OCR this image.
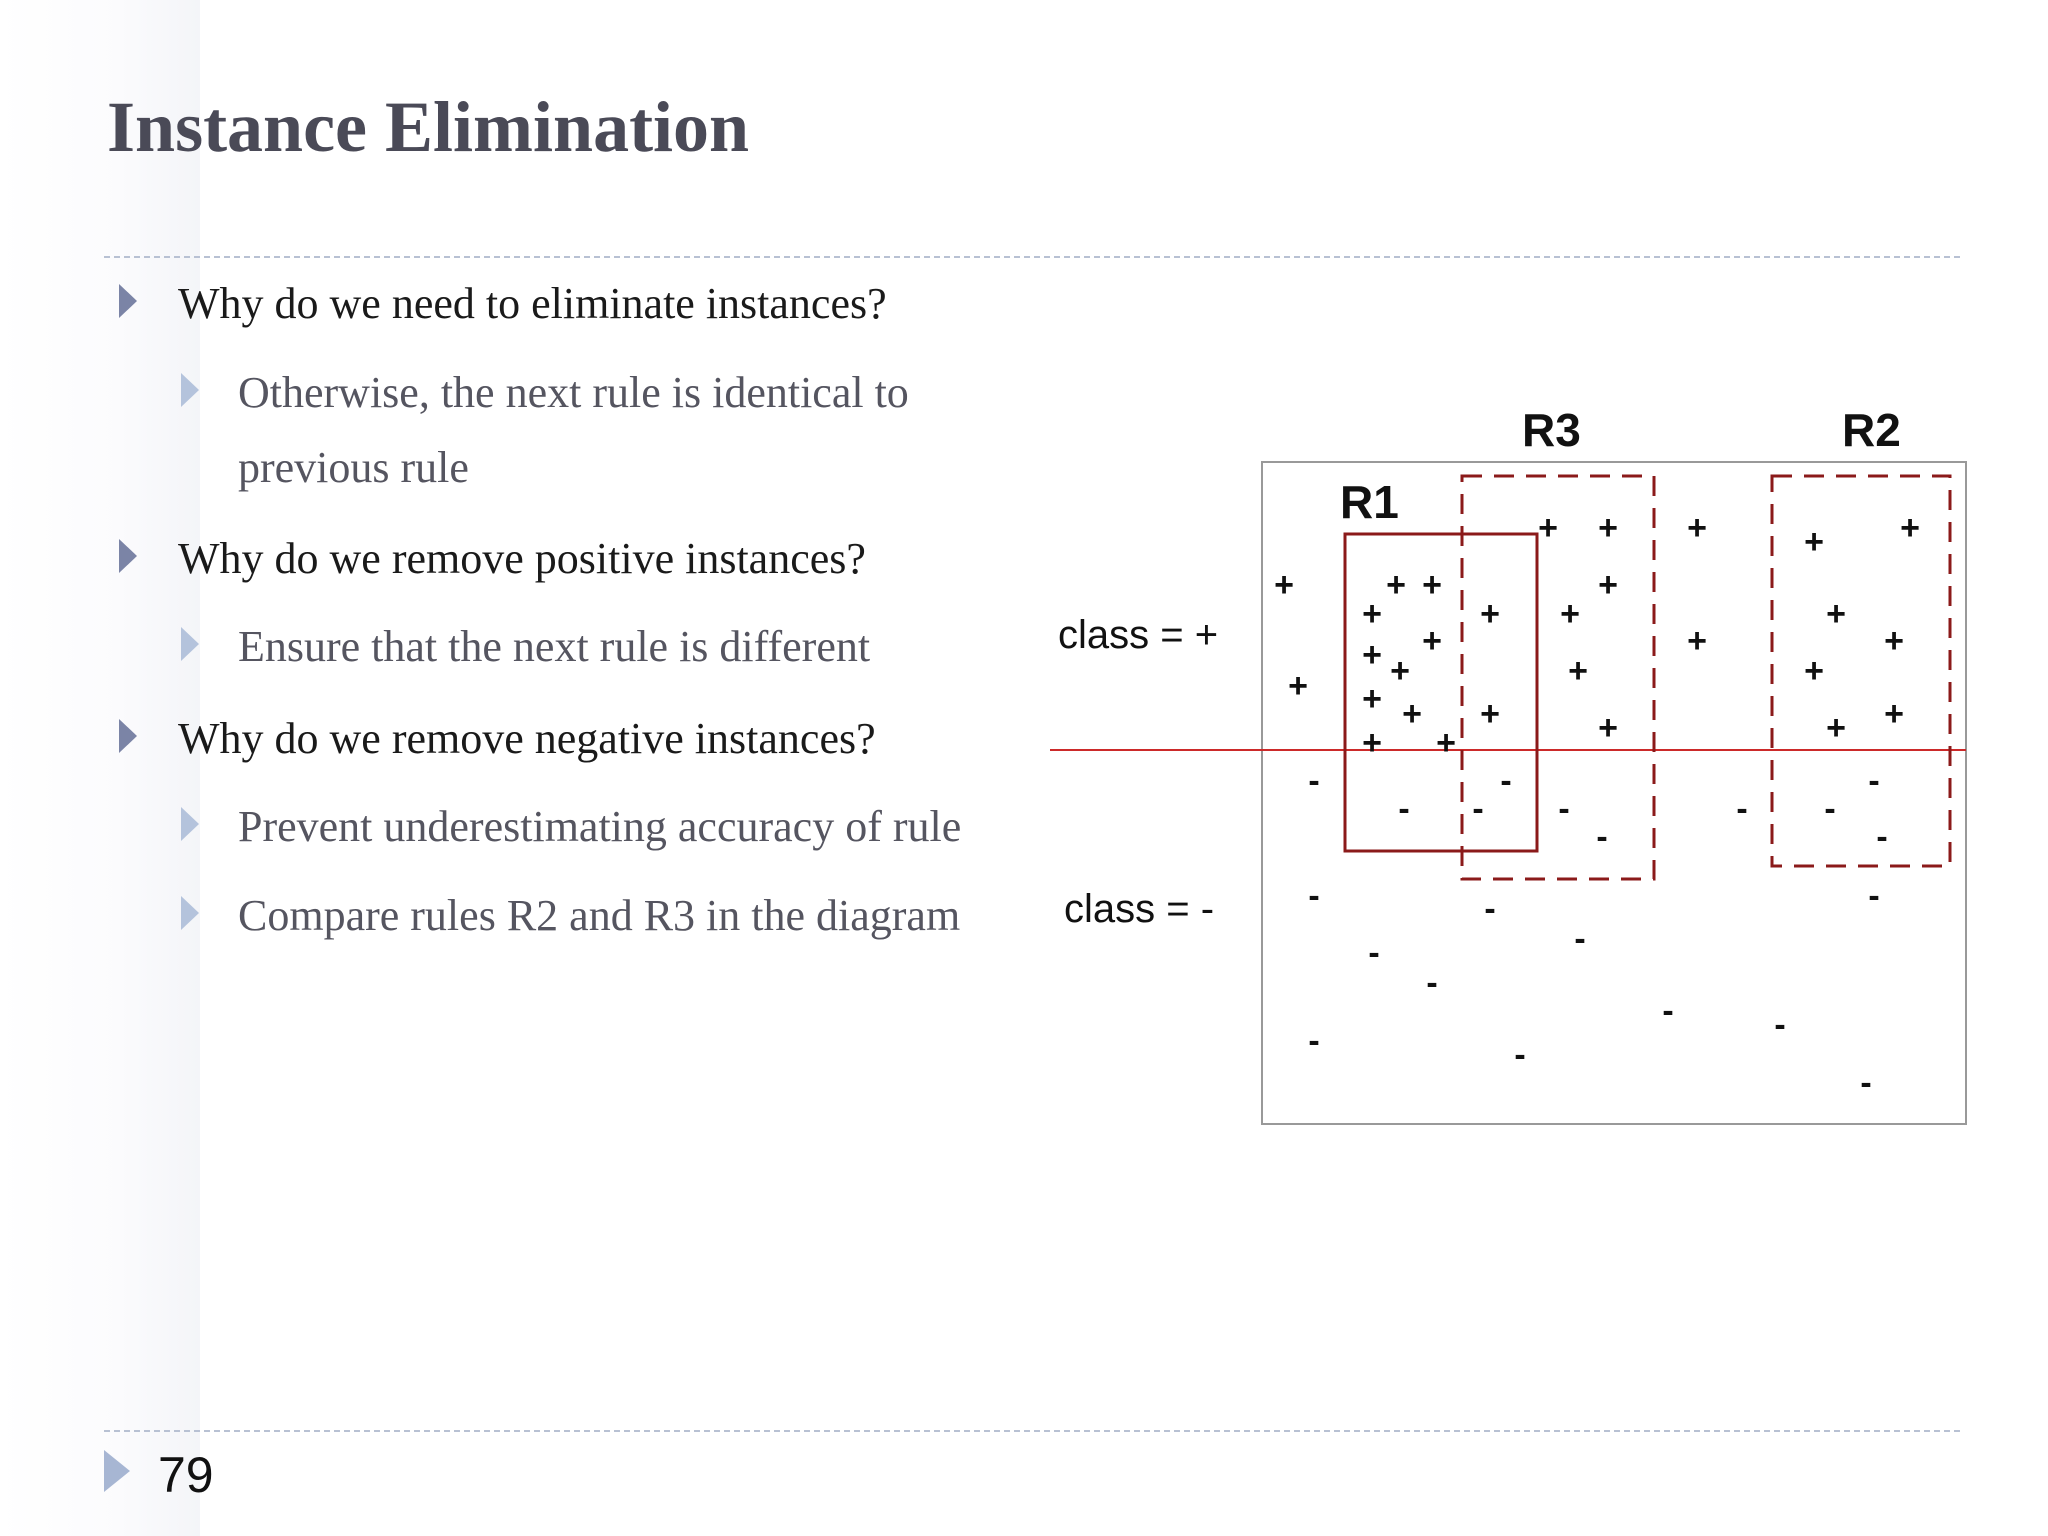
Instance Elimination
Why do we need to eliminate instances?
Otherwise, the next rule is identical to
previous rule
Why do we remove positive instances?
Ensure that the next rule is different
Why do we remove negative instances?
Prevent underestimating accuracy of rule
Compare rules R2 and R3 in the diagram
R3	R2
R1
class = +
class = -
+ + +	+ +
+	+ +	+
+	+ +	+
+	+	+
+
+ +	+	+
+ + +	+
+ +	+	+
-	-	-
- - -	- -
-	-
-	-	-
-
-
-
-	-
-	-
-
79
